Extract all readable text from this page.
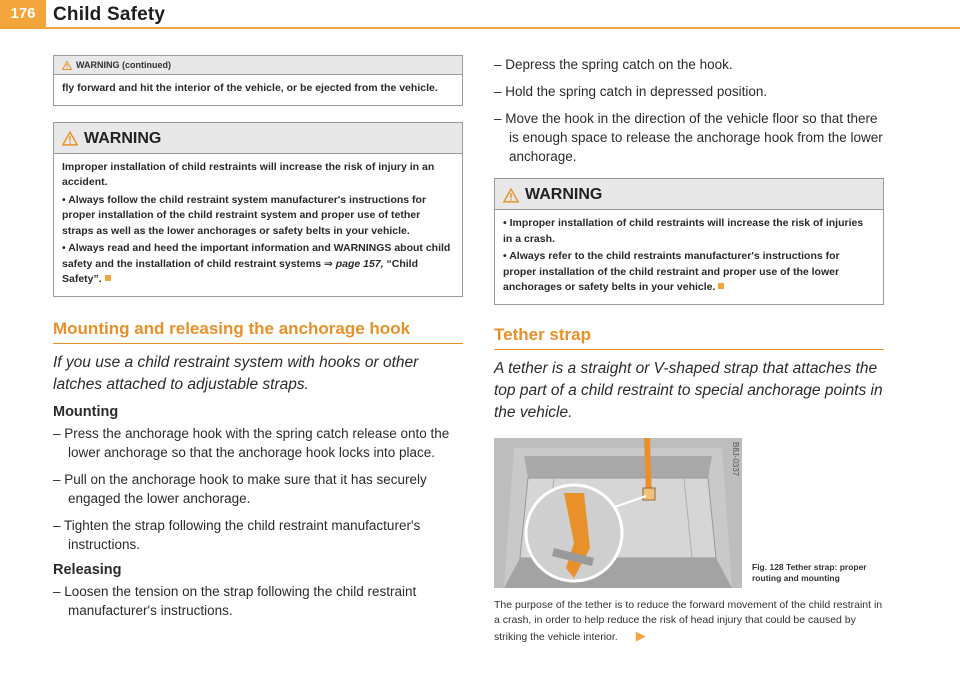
176 Child Safety
WARNING (continued)

fly forward and hit the interior of the vehicle, or be ejected from the vehicle.

WARNING

Improper installation of child restraints will increase the risk of injury in an accident.

• Always follow the child restraint system manufacturer's instructions for proper installation of the child restraint system and proper use of tether straps as well as the lower anchorages or safety belts in your vehicle.

• Always read and heed the important information and WARNINGS about child safety and the installation of child restraint systems ⇒ page 157, “Child Safety”.

Mounting and releasing the anchorage hook

If you use a child restraint system with hooks or other latches attached to adjustable straps.

Mounting

– Press the anchorage hook with the spring catch release onto the lower anchorage so that the anchorage hook locks into place.

– Pull on the anchorage hook to make sure that it has securely engaged the lower anchorage.

– Tighten the strap following the child restraint manufacturer's instructions.

Releasing

– Loosen the tension on the strap following the child restraint manufacturer's instructions.

– Depress the spring catch on the hook.

– Hold the spring catch in depressed position.

– Move the hook in the direction of the vehicle floor so that there is enough space to release the anchorage hook from the lower anchorage.

WARNING

• Improper installation of child restraints will increase the risk of injuries in a crash.

• Always refer to the child restraints manufacturer's instructions for proper installation of the child restraint and proper use of the lower anchorages or safety belts in your vehicle.

Tether strap

A tether is a straight or V-shaped strap that attaches the top part of a child restraint to special anchorage points in the vehicle.

B8J-0337
Fig. 128 Tether strap: proper routing and mounting
The purpose of the tether is to reduce the forward movement of the child restraint in a crash, in order to help reduce the risk of head injury that could be caused by striking the vehicle interior. ▶
